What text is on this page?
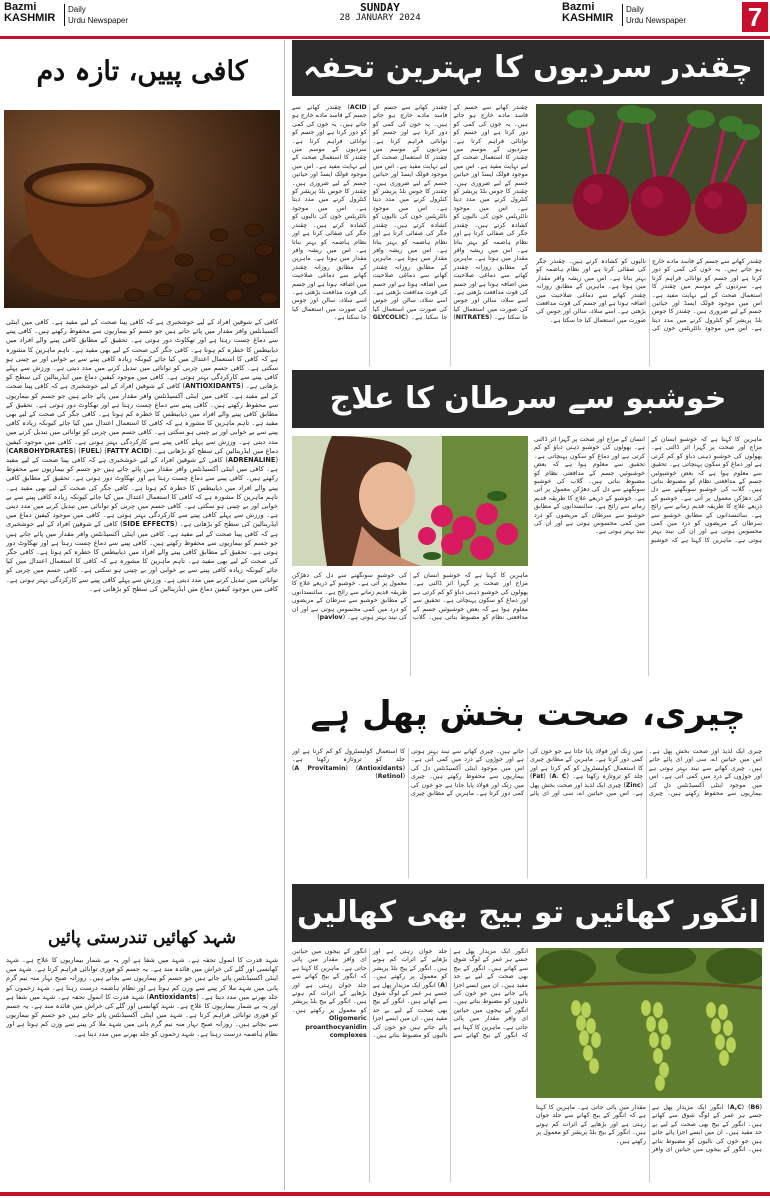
Bazmi
KASHMIR
Daily
Urdu Newspaper
SUNDAY
28 JANUARY 2024
Bazmi
KASHMIR
Daily
Urdu Newspaper 7
کافی پییں، تازہ دم
کافی کے شوقین افراد کے لیے خوشخبری ہے کہ کافی پینا صحت کے لیے مفید ہے۔ کافی میں اینٹی آکسیڈنٹس وافر مقدار میں پائے جاتے ہیں جو جسم کو بیماریوں سے محفوظ رکھتے ہیں۔ کافی پینے سے دماغ چست رہتا ہے اور تھکاوٹ دور ہوتی ہے۔ تحقیق کے مطابق کافی پینے والے افراد میں ذیابیطس کا خطرہ کم ہوتا ہے۔ کافی جگر کی صحت کے لیے بھی مفید ہے۔ تاہم ماہرین کا مشورہ ہے کہ کافی کا استعمال اعتدال میں کیا جائے کیونکہ زیادہ کافی پینے سے بے خوابی اور بے چینی ہو سکتی ہے۔ کافی جسم میں چربی کو توانائی میں تبدیل کرنے میں مدد دیتی ہے۔ ورزش سے پہلے کافی پینے سے کارکردگی بہتر ہوتی ہے۔ کافی میں موجود کیفین دماغ میں ایڈرینالین کی سطح کو بڑھاتی ہے۔ (ANTIOXIDANTS) کافی کے شوقین افراد کے لیے خوشخبری ہے کہ کافی پینا صحت کے لیے مفید ہے۔ کافی میں اینٹی آکسیڈنٹس وافر مقدار میں پائے جاتے ہیں جو جسم کو بیماریوں سے محفوظ رکھتے ہیں۔ کافی پینے سے دماغ چست رہتا ہے اور تھکاوٹ دور ہوتی ہے۔ تحقیق کے مطابق کافی پینے والے افراد میں ذیابیطس کا خطرہ کم ہوتا ہے۔ کافی جگر کی صحت کے لیے بھی مفید ہے۔ تاہم ماہرین کا مشورہ ہے کہ کافی کا استعمال اعتدال میں کیا جائے کیونکہ زیادہ کافی پینے سے بے خوابی اور بے چینی ہو سکتی ہے۔ کافی جسم میں چربی کو توانائی میں تبدیل کرنے میں مدد دیتی ہے۔ ورزش سے پہلے کافی پینے سے کارکردگی بہتر ہوتی ہے۔ کافی میں موجود کیفین دماغ میں ایڈرینالین کی سطح کو بڑھاتی ہے۔ (FATTY ACID) (FUEL) (CARBOHYDRATES) (ADRENALINE) کافی کے شوقین افراد کے لیے خوشخبری ہے کہ کافی پینا صحت کے لیے مفید ہے۔ کافی میں اینٹی آکسیڈنٹس وافر مقدار میں پائے جاتے ہیں جو جسم کو بیماریوں سے محفوظ رکھتے ہیں۔ کافی پینے سے دماغ چست رہتا ہے اور تھکاوٹ دور ہوتی ہے۔ تحقیق کے مطابق کافی پینے والے افراد میں ذیابیطس کا خطرہ کم ہوتا ہے۔ کافی جگر کی صحت کے لیے بھی مفید ہے۔ تاہم ماہرین کا مشورہ ہے کہ کافی کا استعمال اعتدال میں کیا جائے کیونکہ زیادہ کافی پینے سے بے خوابی اور بے چینی ہو سکتی ہے۔ کافی جسم میں چربی کو توانائی میں تبدیل کرنے میں مدد دیتی ہے۔ ورزش سے پہلے کافی پینے سے کارکردگی بہتر ہوتی ہے۔ کافی میں موجود کیفین دماغ میں ایڈرینالین کی سطح کو بڑھاتی ہے۔ (SIDE EFFECTS) کافی کے شوقین افراد کے لیے خوشخبری ہے کہ کافی پینا صحت کے لیے مفید ہے۔ کافی میں اینٹی آکسیڈنٹس وافر مقدار میں پائے جاتے ہیں جو جسم کو بیماریوں سے محفوظ رکھتے ہیں۔ کافی پینے سے دماغ چست رہتا ہے اور تھکاوٹ دور ہوتی ہے۔ تحقیق کے مطابق کافی پینے والے افراد میں ذیابیطس کا خطرہ کم ہوتا ہے۔ کافی جگر کی صحت کے لیے بھی مفید ہے۔ تاہم ماہرین کا مشورہ ہے کہ کافی کا استعمال اعتدال میں کیا جائے کیونکہ زیادہ کافی پینے سے بے خوابی اور بے چینی ہو سکتی ہے۔ کافی جسم میں چربی کو توانائی میں تبدیل کرنے میں مدد دیتی ہے۔ ورزش سے پہلے کافی پینے سے کارکردگی بہتر ہوتی ہے۔ کافی میں موجود کیفین دماغ میں ایڈرینالین کی سطح کو بڑھاتی ہے۔
شہد کھائیں تندرستی پائیں
شہد قدرت کا انمول تحفہ ہے۔ شہد میں شفا ہے اور یہ بے شمار بیماریوں کا علاج ہے۔ شہد کھانسی اور گلے کی خراش میں فائدہ مند ہے۔ یہ جسم کو فوری توانائی فراہم کرتا ہے۔ شہد میں اینٹی آکسیڈنٹس پائے جاتے ہیں جو جسم کو بیماریوں سے بچاتے ہیں۔ روزانہ صبح نہار منہ نیم گرم پانی میں شہد ملا کر پینے سے وزن کم ہوتا ہے اور نظام ہاضمہ درست رہتا ہے۔ شہد زخموں کو جلد بھرنے میں مدد دیتا ہے۔ (Antioxidants) شہد قدرت کا انمول تحفہ ہے۔ شہد میں شفا ہے اور یہ بے شمار بیماریوں کا علاج ہے۔ شہد کھانسی اور گلے کی خراش میں فائدہ مند ہے۔ یہ جسم کو فوری توانائی فراہم کرتا ہے۔ شہد میں اینٹی آکسیڈنٹس پائے جاتے ہیں جو جسم کو بیماریوں سے بچاتے ہیں۔ روزانہ صبح نہار منہ نیم گرم پانی میں شہد ملا کر پینے سے وزن کم ہوتا ہے اور نظام ہاضمہ درست رہتا ہے۔ شہد زخموں کو جلد بھرنے میں مدد دیتا ہے۔
چقندر سردیوں کا بہترین تحفہ
چقندر کھانے سے جسم کے فاسد مادے خارج ہو جاتے ہیں۔ یہ خون کی کمی کو دور کرتا ہے اور جسم کو توانائی فراہم کرتا ہے۔ سردیوں کے موسم میں چقندر کا استعمال صحت کے لیے نہایت مفید ہے۔ اس میں موجود فولک ایسڈ اور حیاتین جسم کے لیے ضروری ہیں۔ چقندر کا جوس بلڈ پریشر کو کنٹرول کرنے میں مدد دیتا ہے۔ اس میں موجود نائٹریٹس خون کی نالیوں کو کشادہ کرتے ہیں۔ چقندر جگر کی صفائی کرتا ہے اور نظام ہاضمہ کو بہتر بناتا ہے۔ اس میں ریشہ وافر مقدار میں ہوتا ہے۔ ماہرین کے مطابق روزانہ چقندر کھانے سے دماغی صلاحیت میں اضافہ ہوتا ہے اور جسم کی قوت مدافعت بڑھتی ہے۔ اسے سلاد، سالن اور جوس کی صورت میں استعمال کیا جا سکتا ہے۔ (NITRATES) چقندر کھانے سے جسم کے فاسد مادے خارج ہو جاتے ہیں۔ یہ خون کی کمی کو دور کرتا ہے اور جسم کو توانائی فراہم کرتا ہے۔ سردیوں کے موسم میں چقندر کا استعمال صحت کے لیے نہایت مفید ہے۔ اس میں موجود فولک ایسڈ اور حیاتین جسم کے لیے ضروری ہیں۔ چقندر کا جوس بلڈ پریشر کو کنٹرول کرنے میں مدد دیتا ہے۔ اس میں موجود نائٹریٹس خون کی نالیوں کو کشادہ کرتے ہیں۔ چقندر جگر کی صفائی کرتا ہے اور نظام ہاضمہ کو بہتر بناتا ہے۔ اس میں ریشہ وافر مقدار میں ہوتا ہے۔ ماہرین کے مطابق روزانہ چقندر کھانے سے دماغی صلاحیت میں اضافہ ہوتا ہے اور جسم کی قوت مدافعت بڑھتی ہے۔ اسے سلاد، سالن اور جوس کی صورت میں استعمال کیا جا سکتا ہے۔ (GLYCOLIC ACID) چقندر کھانے سے جسم کے فاسد مادے خارج ہو جاتے ہیں۔ یہ خون کی کمی کو دور کرتا ہے اور جسم کو توانائی فراہم کرتا ہے۔ سردیوں کے موسم میں چقندر کا استعمال صحت کے لیے نہایت مفید ہے۔ اس میں موجود فولک ایسڈ اور حیاتین جسم کے لیے ضروری ہیں۔ چقندر کا جوس بلڈ پریشر کو کنٹرول کرنے میں مدد دیتا ہے۔ اس میں موجود نائٹریٹس خون کی نالیوں کو کشادہ کرتے ہیں۔ چقندر جگر کی صفائی کرتا ہے اور نظام ہاضمہ کو بہتر بناتا ہے۔ اس میں ریشہ وافر مقدار میں ہوتا ہے۔ ماہرین کے مطابق روزانہ چقندر کھانے سے دماغی صلاحیت میں اضافہ ہوتا ہے اور جسم کی قوت مدافعت بڑھتی ہے۔ اسے سلاد، سالن اور جوس کی صورت میں استعمال کیا جا سکتا ہے۔
چقندر کھانے سے جسم کے فاسد مادے خارج ہو جاتے ہیں۔ یہ خون کی کمی کو دور کرتا ہے اور جسم کو توانائی فراہم کرتا ہے۔ سردیوں کے موسم میں چقندر کا استعمال صحت کے لیے نہایت مفید ہے۔ اس میں موجود فولک ایسڈ اور حیاتین جسم کے لیے ضروری ہیں۔ چقندر کا جوس بلڈ پریشر کو کنٹرول کرنے میں مدد دیتا ہے۔ اس میں موجود نائٹریٹس خون کی نالیوں کو کشادہ کرتے ہیں۔ چقندر جگر کی صفائی کرتا ہے اور نظام ہاضمہ کو بہتر بناتا ہے۔ اس میں ریشہ وافر مقدار میں ہوتا ہے۔ ماہرین کے مطابق روزانہ چقندر کھانے سے دماغی صلاحیت میں اضافہ ہوتا ہے اور جسم کی قوت مدافعت بڑھتی ہے۔ اسے سلاد، سالن اور جوس کی صورت میں استعمال کیا جا سکتا ہے۔
خوشبو سے سرطان کا علاج
ماہرین کا کہنا ہے کہ خوشبو انسان کے مزاج اور صحت پر گہرا اثر ڈالتی ہے۔ پھولوں کی خوشبو ذہنی دباؤ کو کم کرتی ہے اور دماغ کو سکون پہنچاتی ہے۔ تحقیق سے معلوم ہوا ہے کہ بعض خوشبوئیں جسم کے مدافعتی نظام کو مضبوط بناتی ہیں۔ گلاب کی خوشبو سونگھنے سے دل کی دھڑکن معمول پر آتی ہے۔ خوشبو کے ذریعے علاج کا طریقہ قدیم زمانے سے رائج ہے۔ سائنسدانوں کے مطابق خوشبو سے سرطان کے مریضوں کو درد میں کمی محسوس ہوتی ہے اور ان کی نیند بہتر ہوتی ہے۔ ماہرین کا کہنا ہے کہ خوشبو انسان کے مزاج اور صحت پر گہرا اثر ڈالتی ہے۔ پھولوں کی خوشبو ذہنی دباؤ کو کم کرتی ہے اور دماغ کو سکون پہنچاتی ہے۔ تحقیق سے معلوم ہوا ہے کہ بعض خوشبوئیں جسم کے مدافعتی نظام کو مضبوط بناتی ہیں۔ گلاب کی خوشبو سونگھنے سے دل کی دھڑکن معمول پر آتی ہے۔ خوشبو کے ذریعے علاج کا طریقہ قدیم زمانے سے رائج ہے۔ سائنسدانوں کے مطابق خوشبو سے سرطان کے مریضوں کو درد میں کمی محسوس ہوتی ہے اور ان کی نیند بہتر ہوتی ہے۔
ماہرین کا کہنا ہے کہ خوشبو انسان کے مزاج اور صحت پر گہرا اثر ڈالتی ہے۔ پھولوں کی خوشبو ذہنی دباؤ کو کم کرتی ہے اور دماغ کو سکون پہنچاتی ہے۔ تحقیق سے معلوم ہوا ہے کہ بعض خوشبوئیں جسم کے مدافعتی نظام کو مضبوط بناتی ہیں۔ گلاب کی خوشبو سونگھنے سے دل کی دھڑکن معمول پر آتی ہے۔ خوشبو کے ذریعے علاج کا طریقہ قدیم زمانے سے رائج ہے۔ سائنسدانوں کے مطابق خوشبو سے سرطان کے مریضوں کو درد میں کمی محسوس ہوتی ہے اور ان کی نیند بہتر ہوتی ہے۔ (pavlov)
چیری، صحت بخش پھل ہے
چیری ایک لذیذ اور صحت بخش پھل ہے۔ اس میں حیاتین اے، سی اور ای پائے جاتے ہیں۔ چیری کھانے سے نیند بہتر ہوتی ہے اور جوڑوں کے درد میں کمی آتی ہے۔ اس میں موجود اینٹی آکسیڈنٹس دل کی بیماریوں سے محفوظ رکھتے ہیں۔ چیری میں زنک اور فولاد پایا جاتا ہے جو خون کی کمی دور کرتا ہے۔ ماہرین کے مطابق چیری کا استعمال کولیسٹرول کو کم کرتا ہے اور جلد کو تروتازہ رکھتا ہے۔ (A، C) (Fat) (Zinc) چیری ایک لذیذ اور صحت بخش پھل ہے۔ اس میں حیاتین اے، سی اور ای پائے جاتے ہیں۔ چیری کھانے سے نیند بہتر ہوتی ہے اور جوڑوں کے درد میں کمی آتی ہے۔ اس میں موجود اینٹی آکسیڈنٹس دل کی بیماریوں سے محفوظ رکھتے ہیں۔ چیری میں زنک اور فولاد پایا جاتا ہے جو خون کی کمی دور کرتا ہے۔ ماہرین کے مطابق چیری کا استعمال کولیسٹرول کو کم کرتا ہے اور جلد کو تروتازہ رکھتا ہے۔ (Antioxidants) (A Provitamin) (Retinol)
انگور کھائیں تو بیج بھی کھالیں
انگور ایک مزیدار پھل ہے جسے ہر عمر کے لوگ شوق سے کھاتے ہیں۔ انگور کے بیج بھی صحت کے لیے بے حد مفید ہیں۔ ان میں ایسے اجزا پائے جاتے ہیں جو خون کی نالیوں کو مضبوط بناتے ہیں۔ انگور کے بیجوں میں حیاتین ای وافر مقدار میں پائی جاتی ہے۔ ماہرین کا کہنا ہے کہ انگور کے بیج کھانے سے جلد جوان رہتی ہے اور بڑھاپے کے اثرات کم ہوتے ہیں۔ انگور کے بیج بلڈ پریشر کو معمول پر رکھتے ہیں۔ (A) انگور ایک مزیدار پھل ہے جسے ہر عمر کے لوگ شوق سے کھاتے ہیں۔ انگور کے بیج بھی صحت کے لیے بے حد مفید ہیں۔ ان میں ایسے اجزا پائے جاتے ہیں جو خون کی نالیوں کو مضبوط بناتے ہیں۔ انگور کے بیجوں میں حیاتین ای وافر مقدار میں پائی جاتی ہے۔ ماہرین کا کہنا ہے کہ انگور کے بیج کھانے سے جلد جوان رہتی ہے اور بڑھاپے کے اثرات کم ہوتے ہیں۔ انگور کے بیج بلڈ پریشر کو معمول پر رکھتے ہیں۔ Oligomeric proanthocyanidin complexes
(B6) (A,C) انگور ایک مزیدار پھل ہے جسے ہر عمر کے لوگ شوق سے کھاتے ہیں۔ انگور کے بیج بھی صحت کے لیے بے حد مفید ہیں۔ ان میں ایسے اجزا پائے جاتے ہیں جو خون کی نالیوں کو مضبوط بناتے ہیں۔ انگور کے بیجوں میں حیاتین ای وافر مقدار میں پائی جاتی ہے۔ ماہرین کا کہنا ہے کہ انگور کے بیج کھانے سے جلد جوان رہتی ہے اور بڑھاپے کے اثرات کم ہوتے ہیں۔ انگور کے بیج بلڈ پریشر کو معمول پر رکھتے ہیں۔
